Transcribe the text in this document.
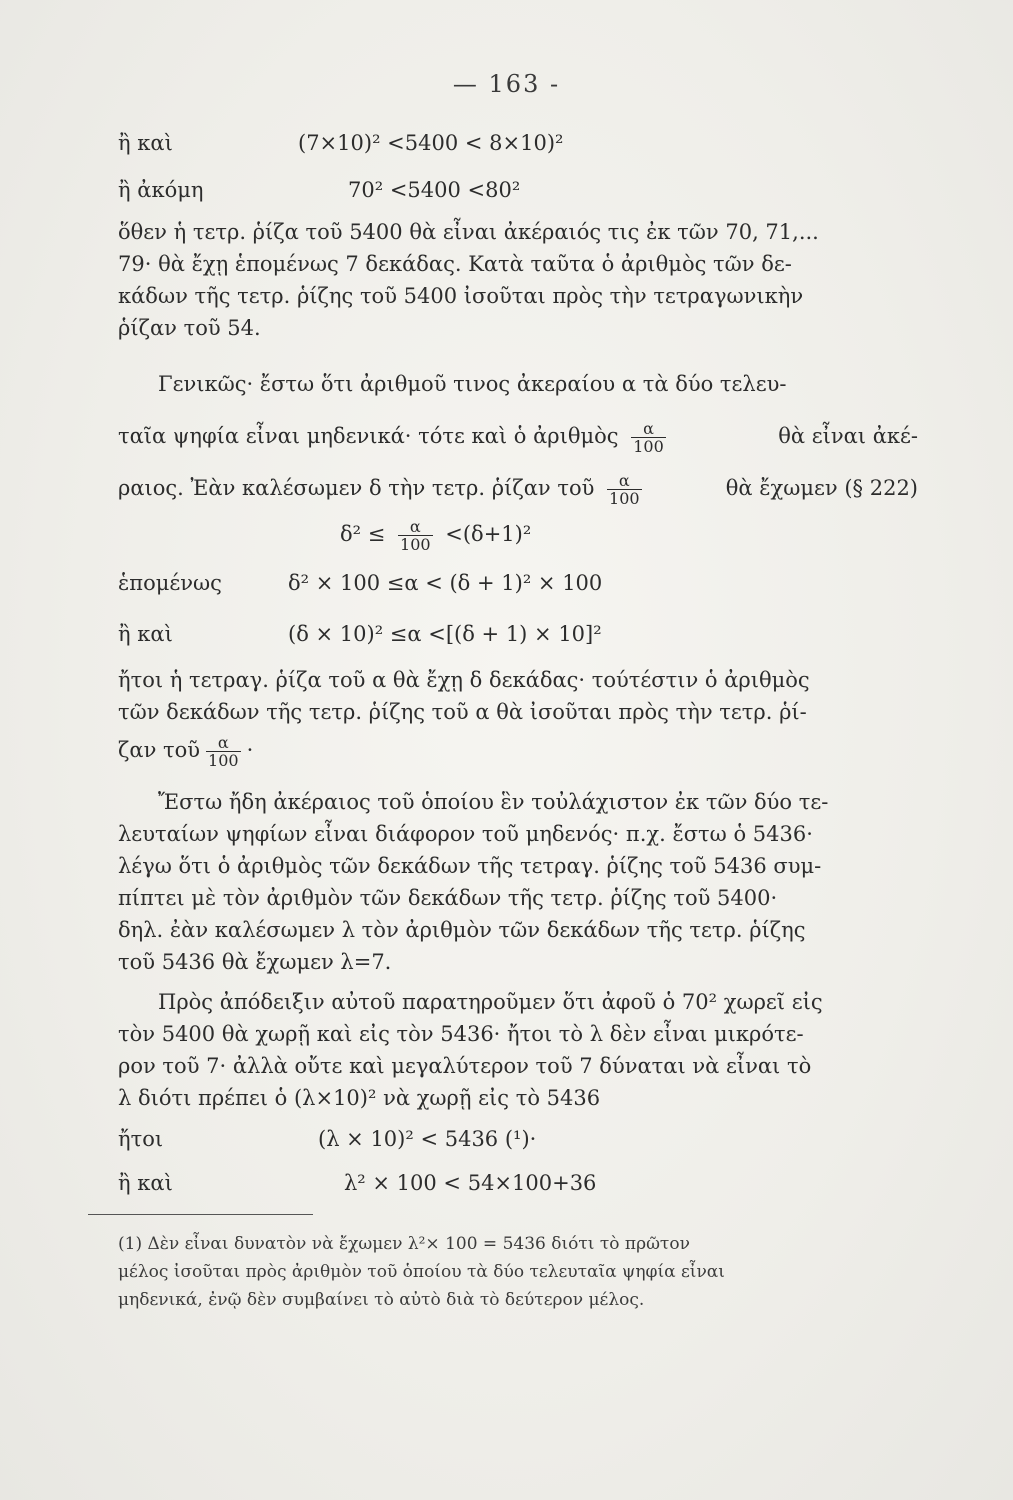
— 163 -
ἢ καὶ	(7×10)² <5400 < 8×10)²
ἢ ἀκόμη	70² <5400 <80²
ὅθεν ἡ τετρ. ῥίζα τοῦ 5400 θὰ εἶναι ἀκέραιός τις ἐκ τῶν 70, 71,...
79· θὰ ἔχῃ ἑπομένως 7 δεκάδας. Κατὰ ταῦτα ὁ ἀριθμὸς τῶν δε-
κάδων τῆς τετρ. ῥίζης τοῦ 5400 ἰσοῦται πρὸς τὴν τετραγωνικὴν
ῥίζαν τοῦ 54.
Γενικῶς· ἔστω ὅτι ἀριθμοῦ τινος ἀκεραίου α τὰ δύο τελευ-
ταῖα ψηφία εἶναι μηδενικά· τότε καὶ ὁ ἀριθμὸς $\frac{\alpha}{100}$	θὰ εἶναι ἀκέ-
ραιος. Ἐὰν καλέσωμεν δ τὴν τετρ. ῥίζαν τοῦ $\frac{\alpha}{100}$	θὰ ἔχωμεν (§ 222)
$\delta^2 \le \frac{\alpha}{100} <(\delta+1)^2$
ἑπομένως	δ² × 100 ≤α < (δ + 1)² × 100
ἢ καὶ	(δ × 10)² ≤α <[(δ + 1) × 10]²
ἤτοι ἡ τετραγ. ῥίζα τοῦ α θὰ ἔχῃ δ δεκάδας· τούτέστιν ὁ ἀριθμὸς
τῶν δεκάδων τῆς τετρ. ῥίζης τοῦ α θὰ ἰσοῦται πρὸς τὴν τετρ. ῥί-
ζαν τοῦ $\frac{\alpha}{100}$ ·
Ἔστω ἤδη ἀκέραιος τοῦ ὁποίου ἓν τοὐλάχιστον ἐκ τῶν δύο τε-
λευταίων ψηφίων εἶναι διάφορον τοῦ μηδενός· π.χ. ἔστω ὁ 5436·
λέγω ὅτι ὁ ἀριθμὸς τῶν δεκάδων τῆς τετραγ. ῥίζης τοῦ 5436 συμ-
πίπτει μὲ τὸν ἀριθμὸν τῶν δεκάδων τῆς τετρ. ῥίζης τοῦ 5400·
δηλ. ἐὰν καλέσωμεν λ τὸν ἀριθμὸν τῶν δεκάδων τῆς τετρ. ῥίζης
τοῦ 5436 θὰ ἔχωμεν λ=7.
Πρὸς ἀπόδειξιν αὐτοῦ παρατηροῦμεν ὅτι ἀφοῦ ὁ 70² χωρεῖ εἰς
τὸν 5400 θὰ χωρῇ καὶ εἰς τὸν 5436· ἤτοι τὸ λ δὲν εἶναι μικρότε-
ρον τοῦ 7· ἀλλὰ οὔτε καὶ μεγαλύτερον τοῦ 7 δύναται νὰ εἶναι τὸ
λ διότι πρέπει ὁ (λ×10)² νὰ χωρῇ εἰς τὸ 5436
ἤτοι	(λ × 10)² < 5436 (¹)·
ἢ καὶ	λ² × 100 < 54×100+36
(1) Δὲν εἶναι δυνατὸν νὰ ἔχωμεν λ²× 100 = 5436 διότι τὸ πρῶτον
μέλος ἰσοῦται πρὸς ἀριθμὸν τοῦ ὁποίου τὰ δύο τελευταῖα ψηφία εἶναι
μηδενικά, ἐνῷ δὲν συμβαίνει τὸ αὐτὸ διὰ τὸ δεύτερον μέλος.
